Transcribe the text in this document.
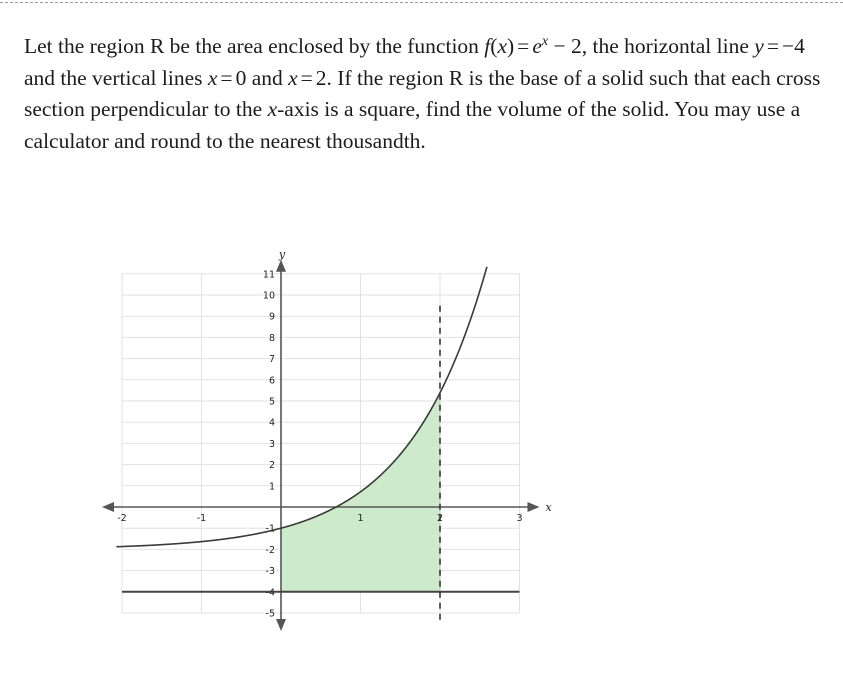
Let the region R be the area enclosed by the function $f(x) = e^x - 2$, the horizontal line y = −4 and the vertical lines x = 0 and x = 2. If the region R is the base of a solid such that each cross section perpendicular to the x-axis is a square, find the volume of the solid. You may use a calculator and round to the nearest thousandth.
-2	-1	1	2	3
-5
-4
-3
-2
-1
1
2
3
4
5
6
7
8
9
10
11
x
y
